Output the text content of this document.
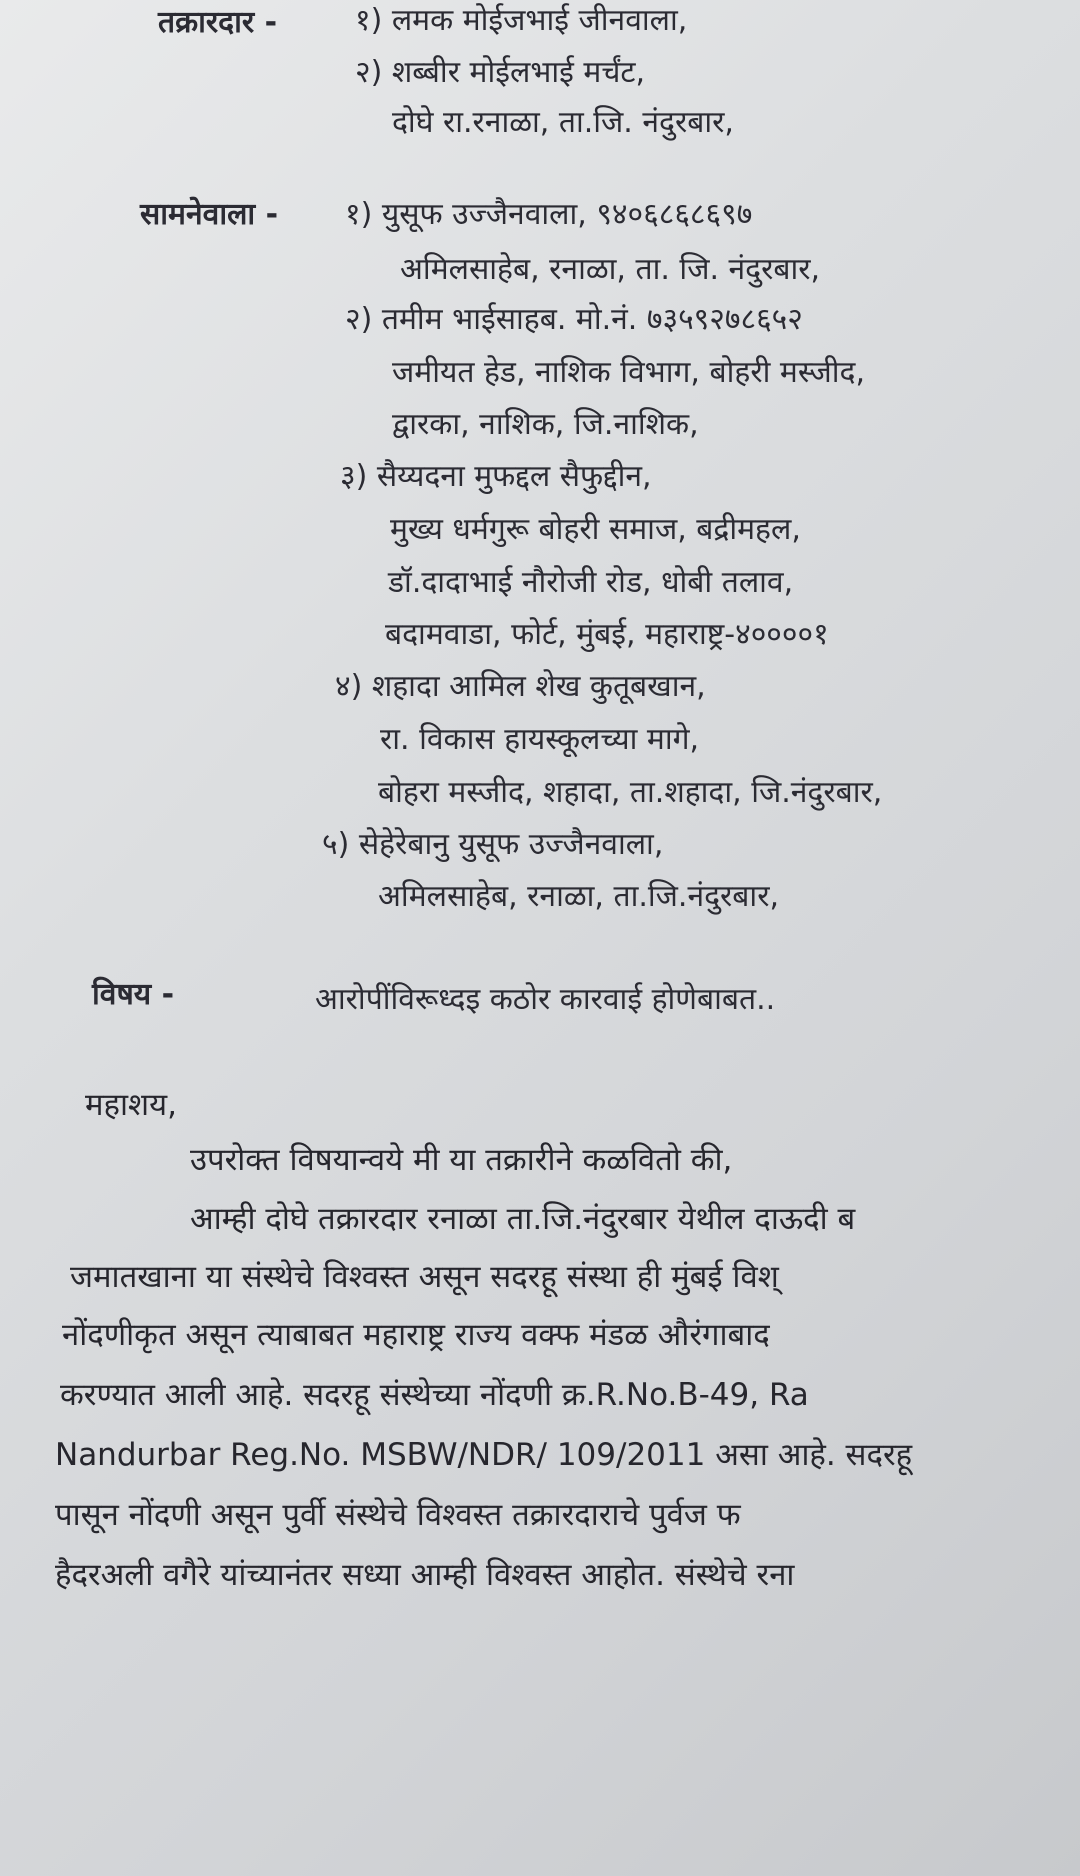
तक्रारदार -	१) लमक मोईजभाई जीनवाला,
२) शब्बीर मोईलभाई मर्चंट,
दोघे रा.रनाळा, ता.जि. नंदुरबार,
सामनेवाला - १) युसूफ उज्जैनवाला, ९४०६८६८६९७
अमिलसाहेब, रनाळा, ता. जि. नंदुरबार,
२) तमीम भाईसाहब. मो.नं. ७३५९२७८६५२
जमीयत हेड, नाशिक विभाग, बोहरी मस्जीद,
द्वारका, नाशिक, जि.नाशिक,
३) सैय्यदना मुफद्दल सैफुद्दीन,
मुख्य धर्मगुरू बोहरी समाज, बद्रीमहल,
डॉ.दादाभाई नौरोजी रोड, धोबी तलाव,
बदामवाडा, फोर्ट, मुंबई, महाराष्ट्र-४००००१
४) शहादा आमिल शेख कुतूबखान,
रा. विकास हायस्कूलच्या मागे,
बोहरा मस्जीद, शहादा, ता.शहादा, जि.नंदुरबार,
५) सेहेरेबानु युसूफ उज्जैनवाला,
अमिलसाहेब, रनाळा, ता.जि.नंदुरबार,
विषय -	आरोपींविरूध्दइ कठोर कारवाई होणेबाबत..
महाशय,
उपरोक्त विषयान्वये मी या तक्रारीने कळवितो की,
आम्ही दोघे तक्रारदार रनाळा ता.जि.नंदुरबार येथील दाऊदी ब
जमातखाना या संस्थेचे विश्वस्त असून सदरहू संस्था ही मुंबई विश्
नोंदणीकृत असून त्याबाबत महाराष्ट्र राज्य वक्फ मंडळ औरंगाबाद
करण्यात आली आहे. सदरहू संस्थेच्या नोंदणी क्र.R.No.B-49, Ra
Nandurbar Reg.No. MSBW/NDR/ 109/2011 असा आहे. सदरहू
पासून नोंदणी असून पुर्वी संस्थेचे विश्वस्त तक्रारदाराचे पुर्वज फ
हैदरअली वगैरे यांच्यानंतर सध्या आम्ही विश्वस्त आहोत. संस्थेचे रना
